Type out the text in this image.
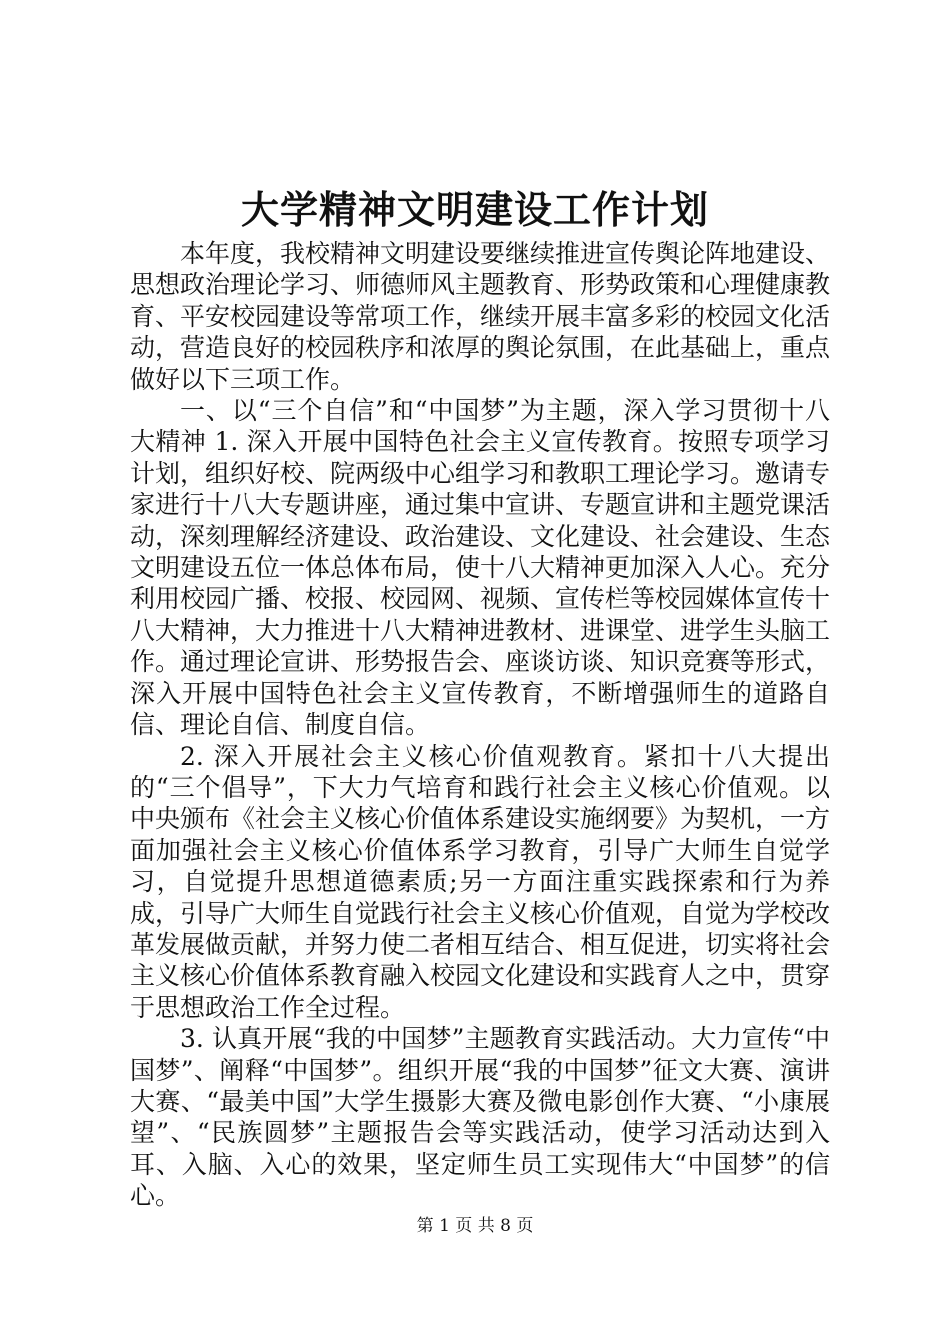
大学精神文明建设工作计划

本年度，我校精神文明建设要继续推进宣传舆论阵地建设、思想政治理论学习、师德师风主题教育、形势政策和心理健康教育、平安校园建设等常项工作，继续开展丰富多彩的校园文化活动，营造良好的校园秩序和浓厚的舆论氛围，在此基础上，重点做好以下三项工作。

一、以“三个自信”和“中国梦”为主题，深入学习贯彻十八大精神 1. 深入开展中国特色社会主义宣传教育。按照专项学习计划，组织好校、院两级中心组学习和教职工理论学习。邀请专家进行十八大专题讲座，通过集中宣讲、专题宣讲和主题党课活动，深刻理解经济建设、政治建设、文化建设、社会建设、生态文明建设五位一体总体布局，使十八大精神更加深入人心。充分利用校园广播、校报、校园网、视频、宣传栏等校园媒体宣传十八大精神，大力推进十八大精神进教材、进课堂、进学生头脑工作。通过理论宣讲、形势报告会、座谈访谈、知识竞赛等形式，深入开展中国特色社会主义宣传教育，不断增强师生的道路自信、理论自信、制度自信。

2. 深入开展社会主义核心价值观教育。紧扣十八大提出的“三个倡导”，下大力气培育和践行社会主义核心价值观。以中央颁布《社会主义核心价值体系建设实施纲要》为契机，一方面加强社会主义核心价值体系学习教育，引导广大师生自觉学习，自觉提升思想道德素质;另一方面注重实践探索和行为养成，引导广大师生自觉践行社会主义核心价值观，自觉为学校改革发展做贡献，并努力使二者相互结合、相互促进，切实将社会主义核心价值体系教育融入校园文化建设和实践育人之中，贯穿于思想政治工作全过程。

3. 认真开展“我的中国梦”主题教育实践活动。大力宣传“中国梦”、阐释“中国梦”。组织开展“我的中国梦”征文大赛、演讲大赛、“最美中国”大学生摄影大赛及微电影创作大赛、“小康展望”、“民族圆梦”主题报告会等实践活动，使学习活动达到入耳、入脑、入心的效果，坚定师生员工实现伟大“中国梦”的信心。

第 1 页 共 8 页
